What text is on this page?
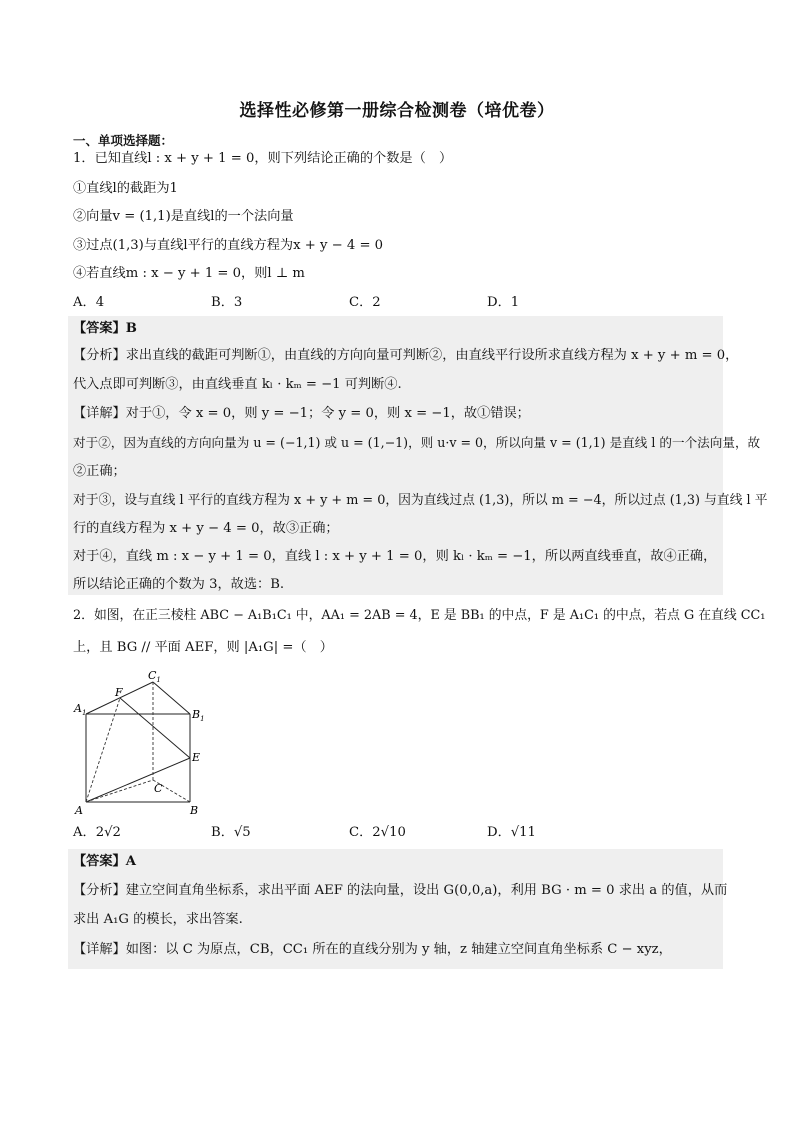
选择性必修第一册综合检测卷（培优卷）
一、单项选择题：
1．已知直线l : x + y + 1 = 0，则下列结论正确的个数是（　）
①直线l的截距为1
②向量v = (1,1)是直线l的一个法向量
③过点(1,3)与直线l平行的直线方程为x + y − 4 = 0
④若直线m : x − y + 1 = 0，则l ⊥ m
A．4	B．3	C．2	D．1
【答案】B
【分析】求出直线的截距可判断①，由直线的方向向量可判断②，由直线平行设所求直线方程为 x + y + m = 0，
代入点即可判断③，由直线垂直 kₗ · kₘ = −1 可判断④.
【详解】对于①，令 x = 0，则 y = −1；令 y = 0，则 x = −1，故①错误；
对于②，因为直线的方向向量为 u = (−1,1) 或 u = (1,−1)，则 u·v = 0，所以向量 v = (1,1) 是直线 l 的一个法向量，故
②正确；
对于③，设与直线 l 平行的直线方程为 x + y + m = 0，因为直线过点 (1,3)，所以 m = −4，所以过点 (1,3) 与直线 l 平
行的直线方程为 x + y − 4 = 0，故③正确；
对于④，直线 m : x − y + 1 = 0，直线 l : x + y + 1 = 0，则 kₗ · kₘ = −1，所以两直线垂直，故④正确，
所以结论正确的个数为 3，故选：B.
2．如图，在正三棱柱 ABC − A₁B₁C₁ 中，AA₁ = 2AB = 4，E 是 BB₁ 的中点，F 是 A₁C₁ 的中点，若点 G 在直线 CC₁
上，且 BG // 平面 AEF，则 |A₁G| =（　）
$A_1$
$C_1$
$B_1$
F
E
C
A	B
A．2√2	B．√5	C．2√10	D．√11
【答案】A
【分析】建立空间直角坐标系，求出平面 AEF 的法向量，设出 G(0,0,a)，利用 BG · m = 0 求出 a 的值，从而
求出 A₁G 的模长，求出答案.
【详解】如图：以 C 为原点，CB，CC₁ 所在的直线分别为 y 轴，z 轴建立空间直角坐标系 C − xyz，
